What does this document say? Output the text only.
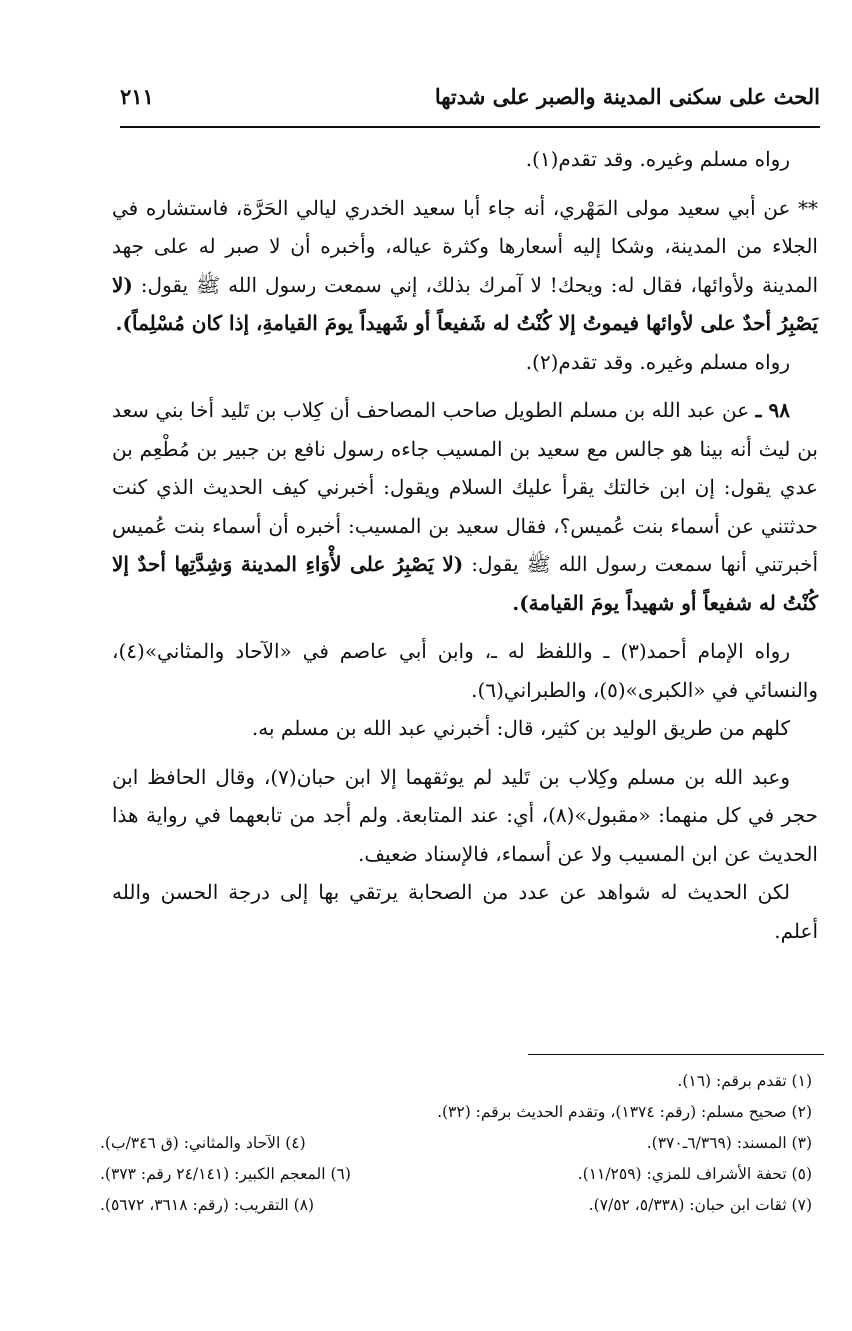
الحث على سكنى المدينة والصبر على شدتها
٢١١

رواه مسلم وغيره. وقد تقدم(١).

** عن أبي سعيد مولى المَهْري، أنه جاء أبا سعيد الخدري ليالي الحَرَّة، فاستشاره في الجلاء من المدينة، وشكا إليه أسعارها وكثرة عياله، وأخبره أن لا صبر له على جهد المدينة ولأوائها، فقال له: ويحك! لا آمرك بذلك، إني سمعت رسول الله ﷺ يقول: (لا يَصْبِرُ أحدٌ على لأوائها فيموتُ إلا كُنْتُ له شَفيعاً أو شَهيداً يومَ القيامةِ، إذا كان مُسْلِماً).

رواه مسلم وغيره. وقد تقدم(٢).

٩٨ ـ عن عبد الله بن مسلم الطويل صاحب المصاحف أن كِلاب بن تَليد أخا بني سعد بن ليث أنه بينا هو جالس مع سعيد بن المسيب جاءه رسول نافع بن جبير بن مُطْعِم بن عدي يقول: إن ابن خالتك يقرأ عليك السلام ويقول: أخبرني كيف الحديث الذي كنت حدثتني عن أسماء بنت عُميس؟، فقال سعيد بن المسيب: أخبره أن أسماء بنت عُميس أخبرتني أنها سمعت رسول الله ﷺ يقول: (لا يَصْبِرُ على لأْوَاءِ المدينة وَشِدَّتِها أحدٌ إلا كُنْتُ له شفيعاً أو شهيداً يومَ القيامة).

رواه الإمام أحمد(٣) ـ واللفظ له ـ، وابن أبي عاصم في «الآحاد والمثاني»(٤)، والنسائي في «الكبرى»(٥)، والطبراني(٦).

كلهم من طريق الوليد بن كثير، قال: أخبرني عبد الله بن مسلم به.

وعبد الله بن مسلم وكِلاب بن تَليد لم يوثقهما إلا ابن حبان(٧)، وقال الحافظ ابن حجر في كل منهما: «مقبول»(٨)، أي: عند المتابعة. ولم أجد من تابعهما في رواية هذا الحديث عن ابن المسيب ولا عن أسماء، فالإسناد ضعيف.

لكن الحديث له شواهد عن عدد من الصحابة يرتقي بها إلى درجة الحسن والله أعلم.

(١) تقدم برقم: (١٦).
(٢) صحيح مسلم: (رقم: ١٣٧٤)، وتقدم الحديث برقم: (٣٢).
(٣) المسند: (٦/٣٦٩ـ٣٧٠).
(٤) الآحاد والمثاني: (ق ٣٤٦/ب).
(٥) تحفة الأشراف للمزي: (١١/٢٥٩).
(٦) المعجم الكبير: (٢٤/١٤١ رقم: ٣٧٣).
(٧) ثقات ابن حبان: (٥/٣٣٨، ٧/٥٢).
(٨) التقريب: (رقم: ٣٦١٨، ٥٦٧٢).
